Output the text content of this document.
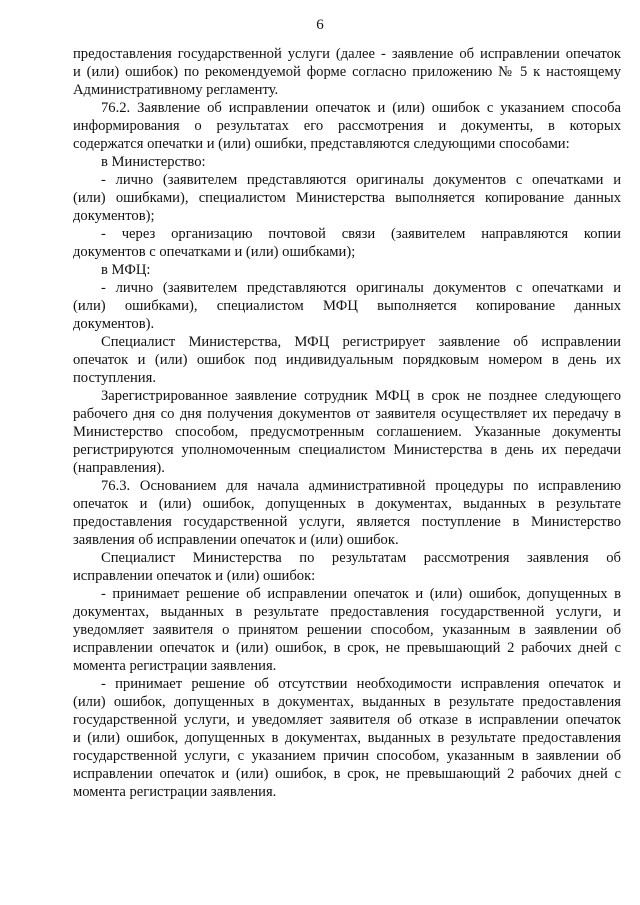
6
предоставления государственной услуги (далее - заявление об исправлении опечаток
и (или) ошибок) по рекомендуемой форме согласно приложению № 5 к настоящему
Административному регламенту.
76.2. Заявление об исправлении опечаток и (или) ошибок с указанием способа
информирования о результатах его рассмотрения и документы, в которых
содержатся опечатки и (или) ошибки, представляются следующими способами:
в Министерство:
- лично (заявителем представляются оригиналы документов с опечатками и
(или) ошибками), специалистом Министерства выполняется копирование данных
документов);
- через организацию почтовой связи (заявителем направляются копии
документов с опечатками и (или) ошибками);
в МФЦ:
- лично (заявителем представляются оригиналы документов с опечатками и
(или) ошибками), специалистом МФЦ выполняется копирование данных
документов).
Специалист Министерства, МФЦ регистрирует заявление об исправлении
опечаток и (или) ошибок под индивидуальным порядковым номером в день их
поступления.
Зарегистрированное заявление сотрудник МФЦ в срок не позднее следующего
рабочего дня со дня получения документов от заявителя осуществляет их передачу в
Министерство способом, предусмотренным соглашением. Указанные документы
регистрируются уполномоченным специалистом Министерства в день их передачи
(направления).
76.3. Основанием для начала административной процедуры по исправлению
опечаток и (или) ошибок, допущенных в документах, выданных в результате
предоставления государственной услуги, является поступление в Министерство
заявления об исправлении опечаток и (или) ошибок.
Специалист Министерства по результатам рассмотрения заявления об
исправлении опечаток и (или) ошибок:
- принимает решение об исправлении опечаток и (или) ошибок, допущенных в
документах, выданных в результате предоставления государственной услуги, и
уведомляет заявителя о принятом решении способом, указанным в заявлении об
исправлении опечаток и (или) ошибок, в срок, не превышающий 2 рабочих дней с
момента регистрации заявления.
- принимает решение об отсутствии необходимости исправления опечаток и
(или) ошибок, допущенных в документах, выданных в результате предоставления
государственной услуги, и уведомляет заявителя об отказе в исправлении опечаток
и (или) ошибок, допущенных в документах, выданных в результате предоставления
государственной услуги, с указанием причин способом, указанным в заявлении об
исправлении опечаток и (или) ошибок, в срок, не превышающий 2 рабочих дней с
момента регистрации заявления.
